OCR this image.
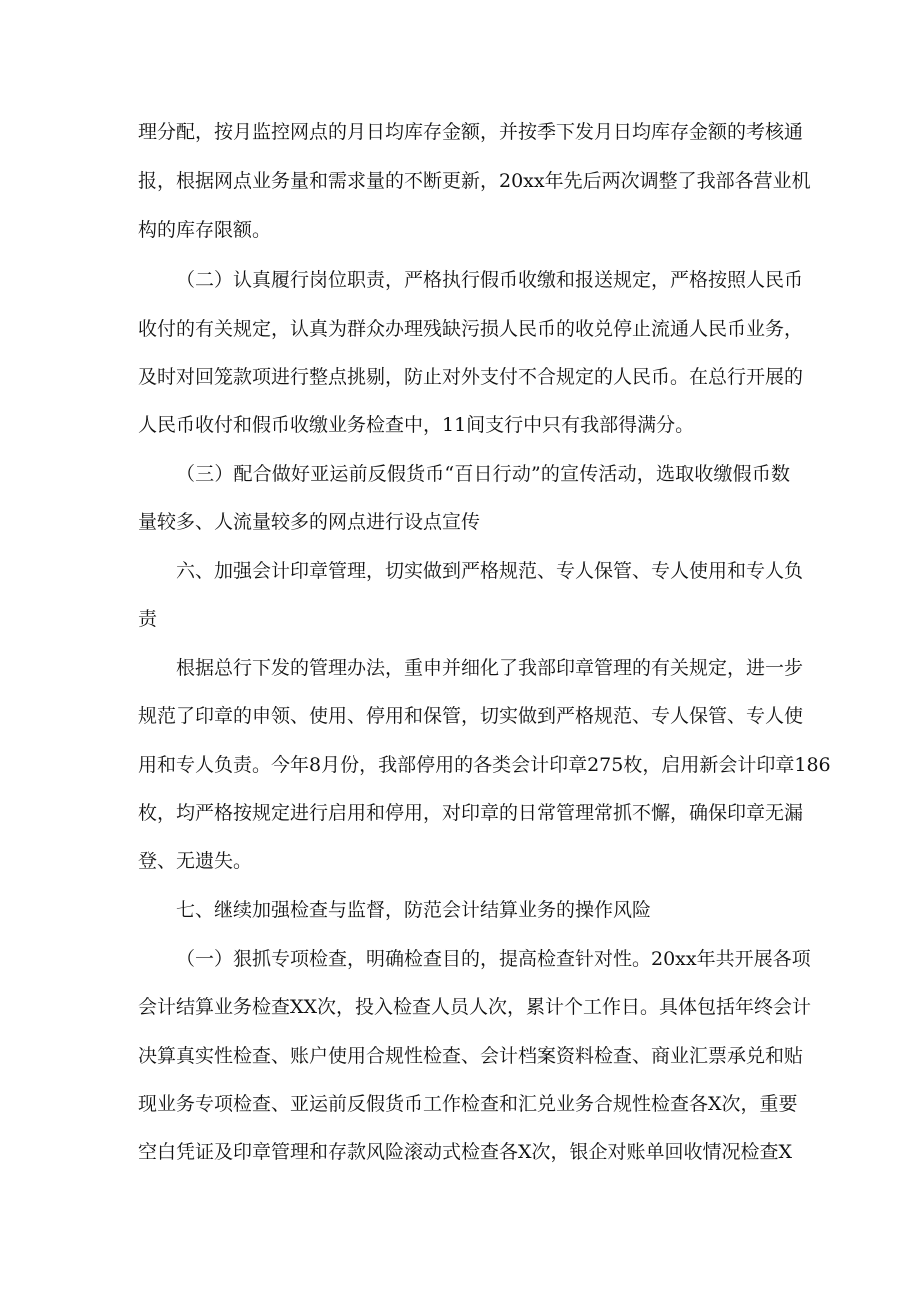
理分配，按月监控网点的月日均库存金额，并按季下发月日均库存金额的考核通
报，根据网点业务量和需求量的不断更新，20xx年先后两次调整了我部各营业机
构的库存限额。
（二）认真履行岗位职责，严格执行假币收缴和报送规定，严格按照人民币
收付的有关规定，认真为群众办理残缺污损人民币的收兑停止流通人民币业务，
及时对回笼款项进行整点挑剔，防止对外支付不合规定的人民币。在总行开展的
人民币收付和假币收缴业务检查中，11间支行中只有我部得满分。
（三）配合做好亚运前反假货币“百日行动”的宣传活动，选取收缴假币数
量较多、人流量较多的网点进行设点宣传
六、加强会计印章管理，切实做到严格规范、专人保管、专人使用和专人负
责
根据总行下发的管理办法，重申并细化了我部印章管理的有关规定，进一步
规范了印章的申领、使用、停用和保管，切实做到严格规范、专人保管、专人使
用和专人负责。今年8月份，我部停用的各类会计印章275枚，启用新会计印章186
枚，均严格按规定进行启用和停用，对印章的日常管理常抓不懈，确保印章无漏
登、无遗失。
七、继续加强检查与监督，防范会计结算业务的操作风险
（一）狠抓专项检查，明确检查目的，提高检查针对性。20xx年共开展各项
会计结算业务检查XX次，投入检查人员人次，累计个工作日。具体包括年终会计
决算真实性检查、账户使用合规性检查、会计档案资料检查、商业汇票承兑和贴
现业务专项检查、亚运前反假货币工作检查和汇兑业务合规性检查各X次，重要
空白凭证及印章管理和存款风险滚动式检查各X次，银企对账单回收情况检查X
